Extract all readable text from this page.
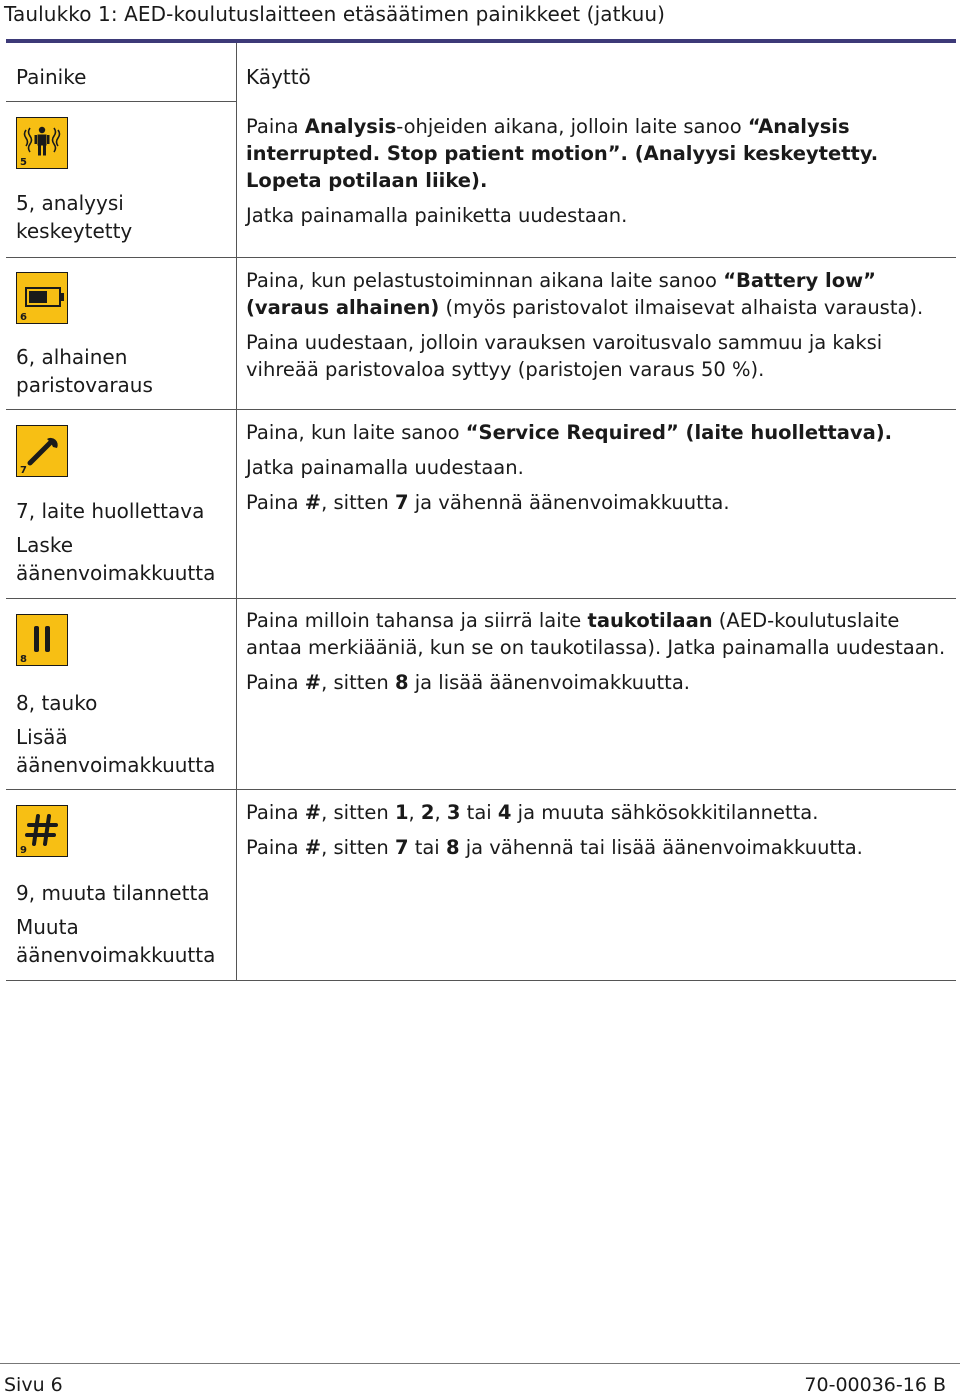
Taulukko 1: AED-koulutuslaitteen etäsäätimen painikkeet (jatkuu)
Painike	Käyttö
5

5, analyysi keskeytetty

Paina Analysis-ohjeiden aikana, jolloin laite sanoo “Analysis interrupted. Stop patient motion”. (Analyysi keskeytetty. Lopeta potilaan liike).

Jatka painamalla painiketta uudestaan.

6

6, alhainen paristovaraus

Paina, kun pelastustoiminnan aikana laite sanoo “Battery low” (varaus alhainen) (myös paristovalot ilmaisevat alhaista varausta).

Paina uudestaan, jolloin varauksen varoitusvalo sammuu ja kaksi vihreää paristovaloa syttyy (paristojen varaus 50 %).

7

7, laite huollettava

Laske äänenvoimakkuutta

Paina, kun laite sanoo “Service Required” (laite huollettava).

Jatka painamalla uudestaan.

Paina #, sitten 7 ja vähennä äänenvoimakkuutta.

8

8, tauko

Lisää äänenvoimakkuutta

Paina milloin tahansa ja siirrä laite taukotilaan (AED-koulutuslaite antaa merkiääniä, kun se on taukotilassa). Jatka painamalla uudestaan.

Paina #, sitten 8 ja lisää äänenvoimakkuutta.

9

9, muuta tilannetta

Muuta äänenvoimakkuutta

Paina #, sitten 1, 2, 3 tai 4 ja muuta sähkösokkitilannetta.

Paina #, sitten 7 tai 8 ja vähennä tai lisää äänenvoimakkuutta.

Sivu 6	70-00036-16 B
